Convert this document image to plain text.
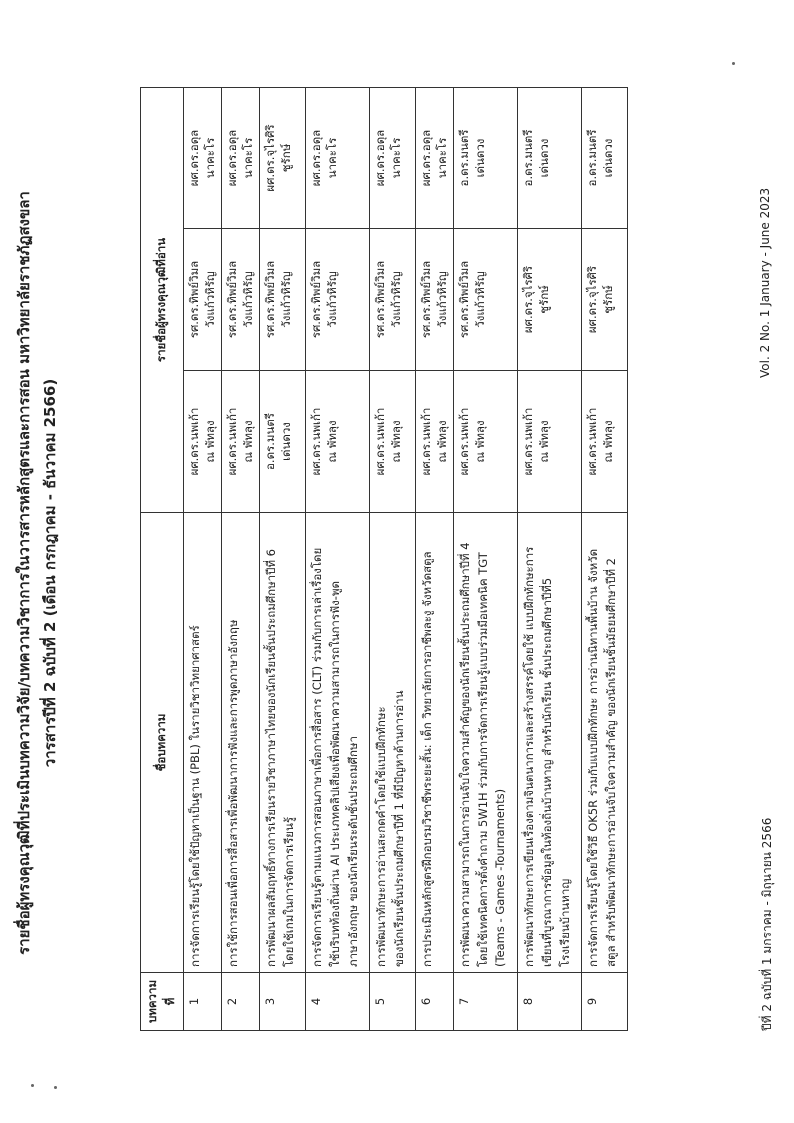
รายชื่อผู้ทรงคุณวุฒิที่ประเมินบทความวิจัย/บทความวิชาการในวารสารหลักสูตรและการสอน มหาวิทยาลัยราชภัฏสงขลา วารสารปีที่ 2 ฉบับที่ 2 (เดือน กรกฎาคม - ธันวาคม 2566)
บทความที่	ชื่อบทความ	รายชื่อผู้ทรงคุณวุฒิที่อ่าน		
1	การจัดการเรียนรู้โดยใช้ปัญหาเป็นฐาน (PBL) ในรายวิชาวิทยาศาสตร์	ผศ.ดร.นพเก้า ณ พัทลุง	รศ.ดร.ทิพย์วิมล วังแก้วหิรัญ	ผศ.ดร.อดุล นาคะโร

2	การใช้การสอนเพื่อการสื่อสารเพื่อพัฒนาการฟังและการพูดภาษาอังกฤษ	ผศ.ดร.นพเก้า ณ พัทลุง	รศ.ดร.ทิพย์วิมล วังแก้วหิรัญ	ผศ.ดร.อดุล นาคะโร

3	การพัฒนาผลสัมฤทธิ์ทางการเรียนรายวิชาภาษาไทยของนักเรียนชั้นประถมศึกษาปีที่ 6 โดยใช้เกมในการจัดการเรียนรู้	อ.ดร.มนตรี เด่นดวง	รศ.ดร.ทิพย์วิมล วังแก้วหิรัญ	ผศ.ดร.จุไรศิริ ชูรักษ์

4	การจัดการเรียนรู้ตามแนวการสอนภาษาเพื่อการสื่อสาร (CLT) ร่วมกับการเล่าเรื่องโดย ใช้บริบทท้องถิ่นผ่าน AI ประเภทคลิปเสียงเพื่อพัฒนาความสามารถในการฟัง-พูด ภาษาอังกฤษ ของนักเรียนระดับชั้นประถมศึกษา	ผศ.ดร.นพเก้า ณ พัทลุง	รศ.ดร.ทิพย์วิมล วังแก้วหิรัญ	ผศ.ดร.อดุล นาคะโร

5	การพัฒนาทักษะการอ่านสะกดคำโดยใช้แบบฝึกทักษะ ของนักเรียนชั้นประถมศึกษาปีที่ 1 ที่มีปัญหาด้านการอ่าน	ผศ.ดร.นพเก้า ณ พัทลุง	รศ.ดร.ทิพย์วิมล วังแก้วหิรัญ	ผศ.ดร.อดุล นาคะโร

6	การประเมินหลักสูตรฝึกอบรมวิชาชีพระยะสั้น: เด็ก วิทยาลัยการอาชีพละงู จังหวัดสตูล	ผศ.ดร.นพเก้า ณ พัทลุง	รศ.ดร.ทิพย์วิมล วังแก้วหิรัญ	ผศ.ดร.อดุล นาคะโร

7	การพัฒนาความสามารถในการอ่านจับใจความสำคัญของนักเรียนชั้นประถมศึกษาปีที่ 4 โดยใช้เทคนิคการตั้งคำถาม 5W1H ร่วมกับการจัดการเรียนรู้แบบร่วมมือเทคนิค TGT (Teams - Games -Tournaments)	ผศ.ดร.นพเก้า ณ พัทลุง	รศ.ดร.ทิพย์วิมล วังแก้วหิรัญ	อ.ดร.มนตรี เด่นดวง

8	การพัฒนาทักษะการเขียนเรื่องตามจินตนาการและสร้างสรรค์โดยใช้ แบบฝึกทักษะการ เขียนที่บูรณาการข้อมูลในท้องถิ่นบ้านหาญ สำหรับนักเรียน ชั้นประถมศึกษาปีที่5 โรงเรียนบ้านหาญ	ผศ.ดร.นพเก้า ณ พัทลุง	ผศ.ดร.จุไรศิริ ชูรักษ์	อ.ดร.มนตรี เด่นดวง

9	การจัดการเรียนรู้โดยใช้วิธี OK5R ร่วมกับแบบฝึกทักษะ การอ่านนิทานพื้นบ้าน จังหวัด สตูล สำหรับพัฒนาทักษะการอ่านจับใจความสำคัญ ของนักเรียนชั้นมัธยมศึกษาปีที่ 2	ผศ.ดร.นพเก้า ณ พัทลุง	ผศ.ดร.จุไรศิริ ชูรักษ์	อ.ดร.มนตรี เด่นดวง
ปีที่ 2 ฉบับที่ 1 มกราคม - มิถุนายน 2566
Vol. 2 No. 1 January - June 2023
